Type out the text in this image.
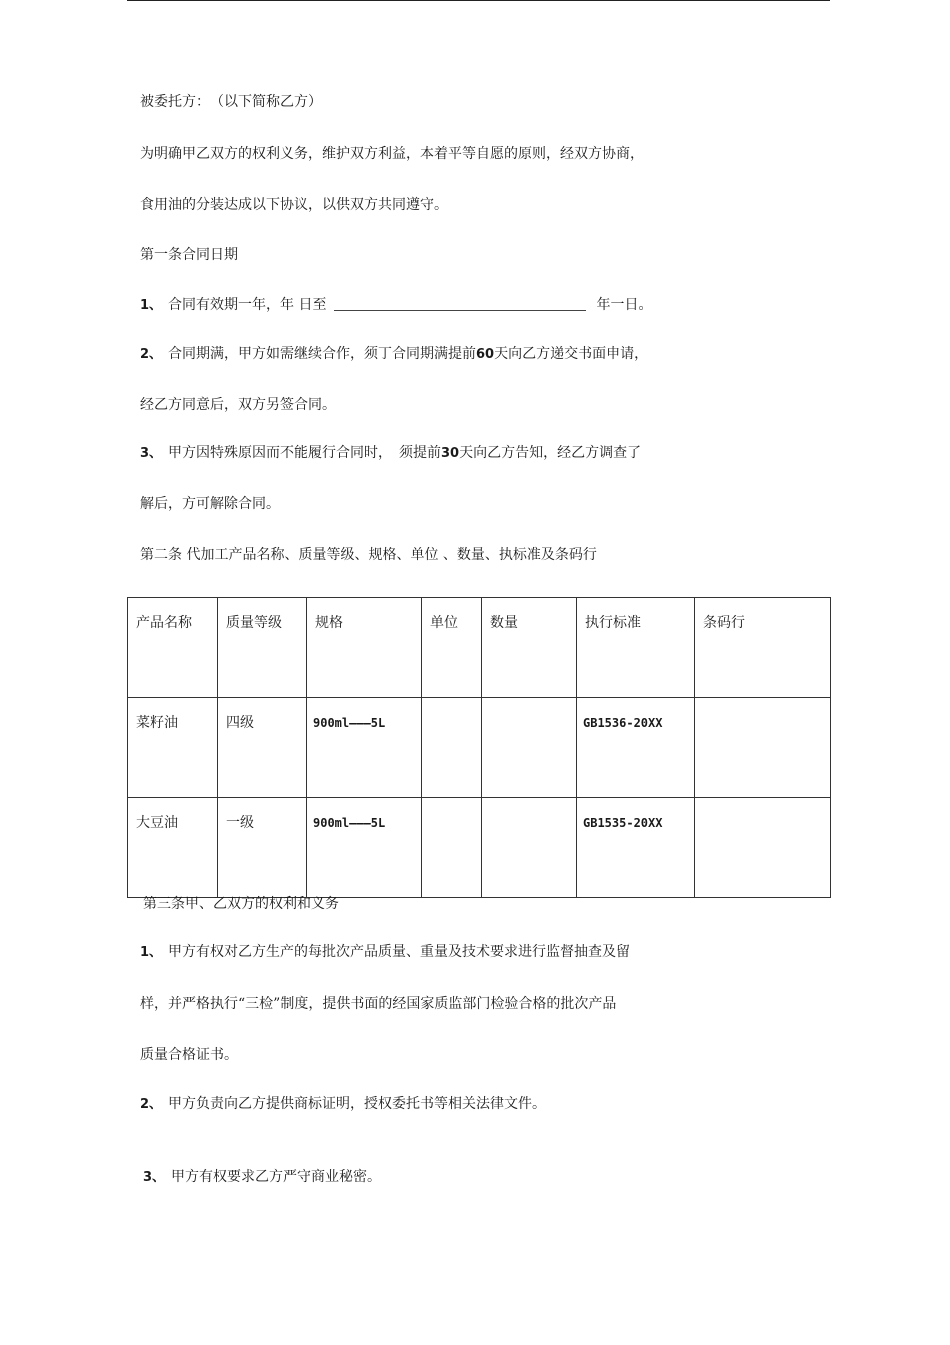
被委托方：　（以下简称乙方）
为明确甲乙双方的权利义务，维护双方利益，本着平等自愿的原则，经双方协商，
食用油的分装达成以下协议，以供双方共同遵守。
第一条合同日期
1、 合同有效期一年，年 日至	年一日。
2、 合同期满，甲方如需继续合作，须丁合同期满提前60天向乙方递交书面申请，
经乙方同意后，双方另签合同。
3、 甲方因特殊原因而不能履行合同时，　须提前30天向乙方告知，经乙方调查了
解后，方可解除合同。
第二条 代加工产品名称、质量等级、规格、单位 、数量、执标准及条码行
产品名称	质量等级	规格	单位	数量	执行标准	条码行
菜籽油	四级	900ml———5L			GB1536-20XX	
大豆油	一级	900ml———5L			GB1535-20XX	
第三条甲、乙双方的权利和义务
1、 甲方有权对乙方生产的每批次产品质量、重量及技术要求进行监督抽查及留
样，并严格执行“三检”制度，提供书面的经国家质监部门检验合格的批次产品
质量合格证书。
2、 甲方负责向乙方提供商标证明，授权委托书等相关法律文件。
3、 甲方有权要求乙方严守商业秘密。
